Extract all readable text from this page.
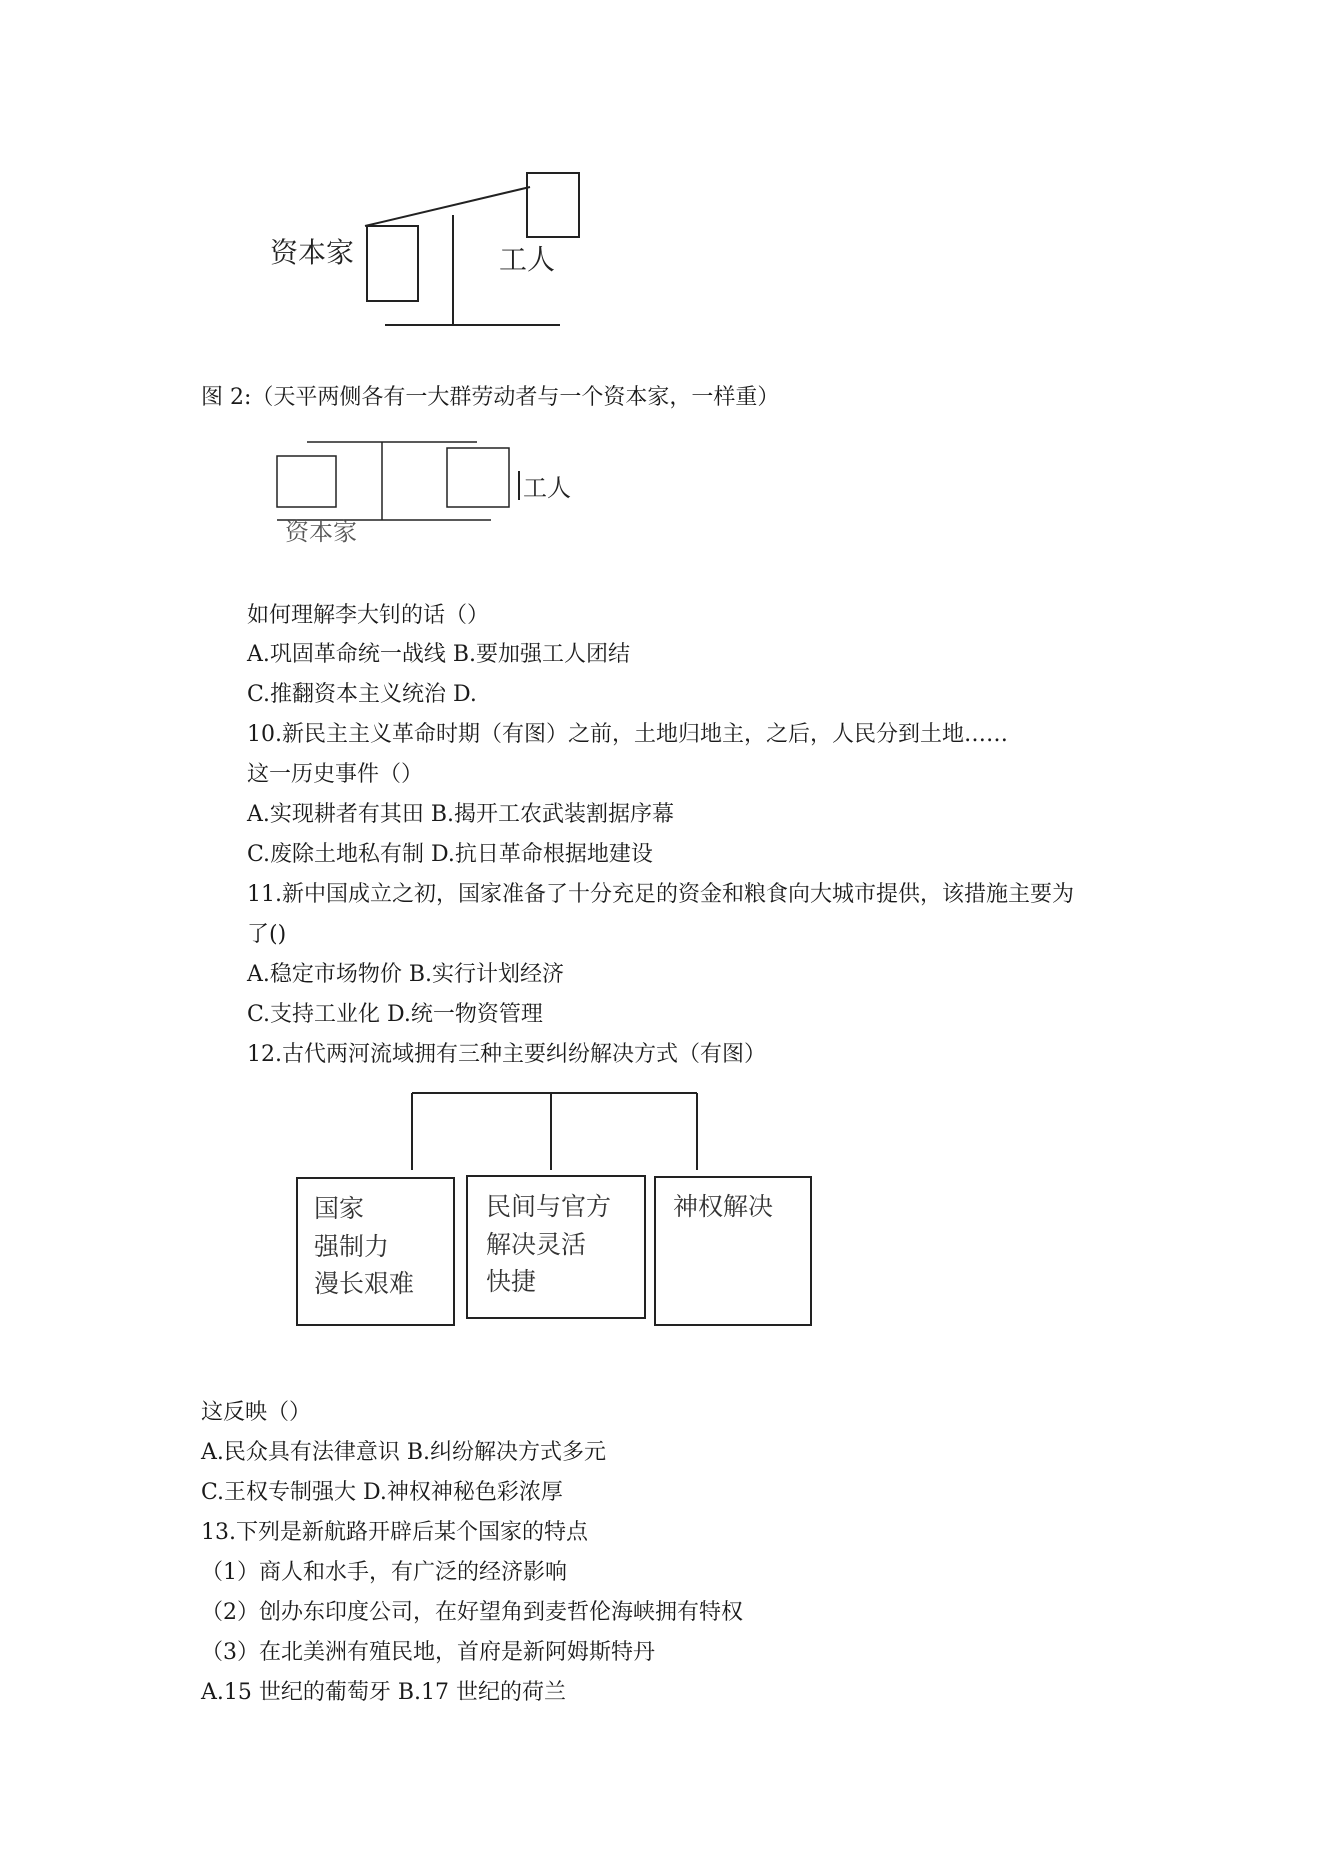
资本家	工人
图 2:（天平两侧各有一大群劳动者与一个资本家，一样重）
工人
资本家
如何理解李大钊的话（）
A.巩固革命统一战线 B.要加强工人团结
C.推翻资本主义统治 D.
10.新民主主义革命时期（有图）之前，土地归地主，之后，人民分到土地……
这一历史事件（）
A.实现耕者有其田 B.揭开工农武装割据序幕
C.废除土地私有制 D.抗日革命根据地建设
11.新中国成立之初，国家准备了十分充足的资金和粮食向大城市提供，该措施主要为
了()
A.稳定市场物价 B.实行计划经济
C.支持工业化 D.统一物资管理
12.古代两河流域拥有三种主要纠纷解决方式（有图）
国家
强制力
漫长艰难
民间与官方
解决灵活
快捷
神权解决
这反映（）
A.民众具有法律意识 B.纠纷解决方式多元
C.王权专制强大 D.神权神秘色彩浓厚
13.下列是新航路开辟后某个国家的特点
（1）商人和水手，有广泛的经济影响
（2）创办东印度公司，在好望角到麦哲伦海峡拥有特权
（3）在北美洲有殖民地，首府是新阿姆斯特丹
A.15 世纪的葡萄牙 B.17 世纪的荷兰
